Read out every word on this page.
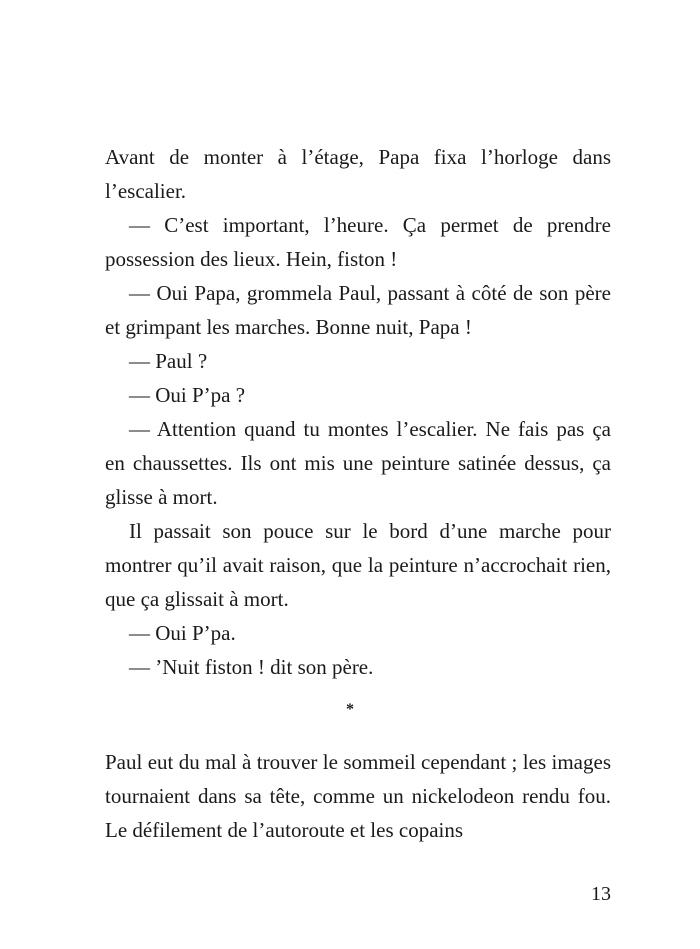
Avant de monter à l’étage, Papa fixa l’horloge dans l’escalier.

— C’est important, l’heure. Ça permet de prendre possession des lieux. Hein, fiston !

— Oui Papa, grommela Paul, passant à côté de son père et grimpant les marches. Bonne nuit, Papa !

— Paul ?

— Oui P’pa ?

— Attention quand tu montes l’escalier. Ne fais pas ça en chaussettes. Ils ont mis une peinture satinée dessus, ça glisse à mort.

Il passait son pouce sur le bord d’une marche pour montrer qu’il avait raison, que la peinture n’accrochait rien, que ça glissait à mort.

— Oui P’pa.

— ’Nuit fiston ! dit son père.

*

Paul eut du mal à trouver le sommeil cependant ; les images tournaient dans sa tête, comme un nickelodeon rendu fou. Le défilement de l’autoroute et les copains

13
